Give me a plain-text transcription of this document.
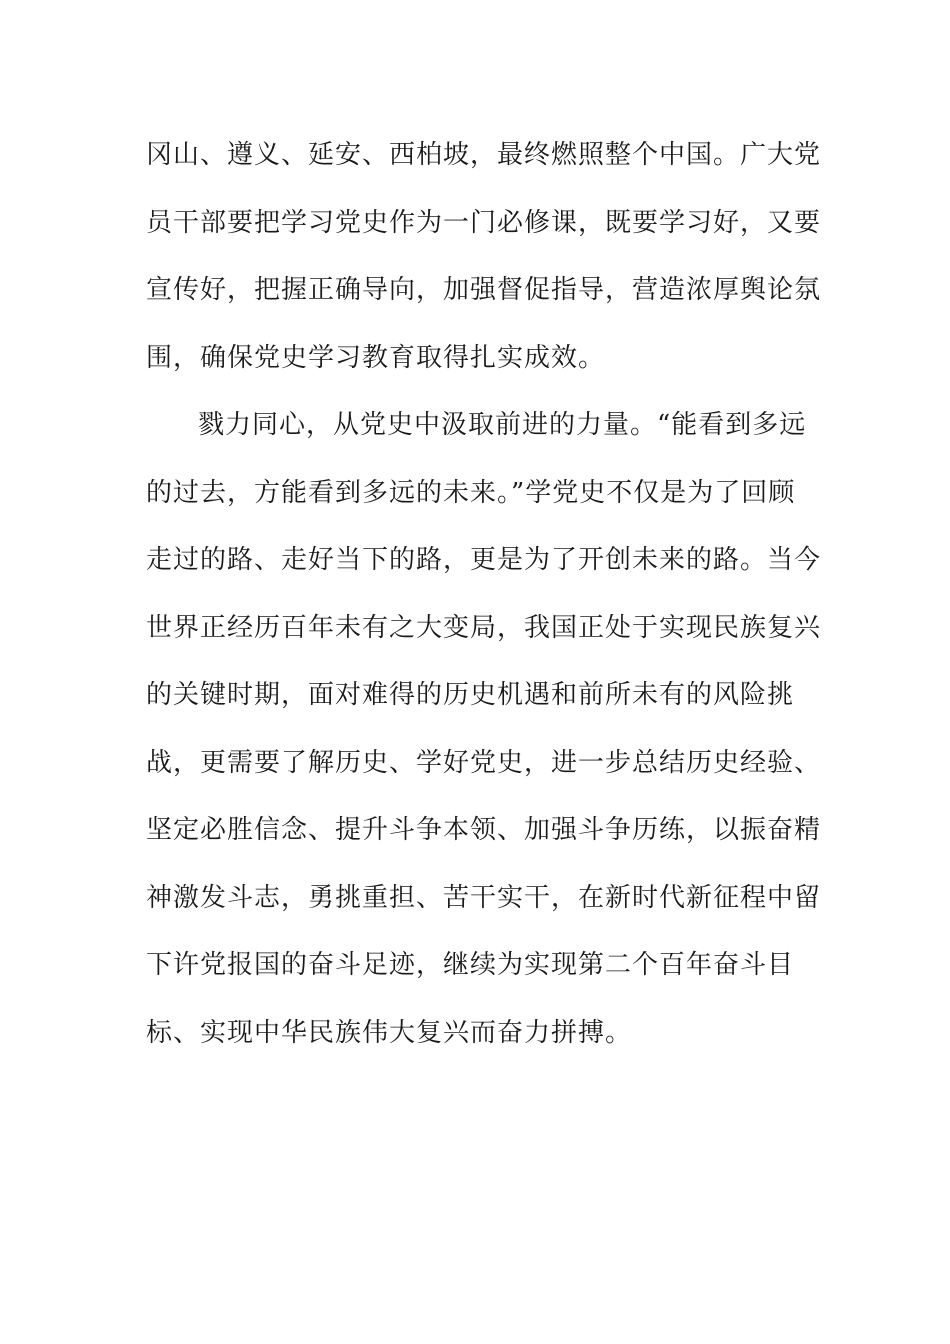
冈山、遵义、延安、西柏坡，最终燃照整个中国。广大党
员干部要把学习党史作为一门必修课，既要学习好，又要
宣传好，把握正确导向，加强督促指导，营造浓厚舆论氛
围，确保党史学习教育取得扎实成效。
戮力同心，从党史中汲取前进的力量。“能看到多远
的过去，方能看到多远的未来。”学党史不仅是为了回顾
走过的路、走好当下的路，更是为了开创未来的路。当今
世界正经历百年未有之大变局，我国正处于实现民族复兴
的关键时期，面对难得的历史机遇和前所未有的风险挑
战，更需要了解历史、学好党史，进一步总结历史经验、
坚定必胜信念、提升斗争本领、加强斗争历练，以振奋精
神激发斗志，勇挑重担、苦干实干，在新时代新征程中留
下许党报国的奋斗足迹，继续为实现第二个百年奋斗目
标、实现中华民族伟大复兴而奋力拼搏。
